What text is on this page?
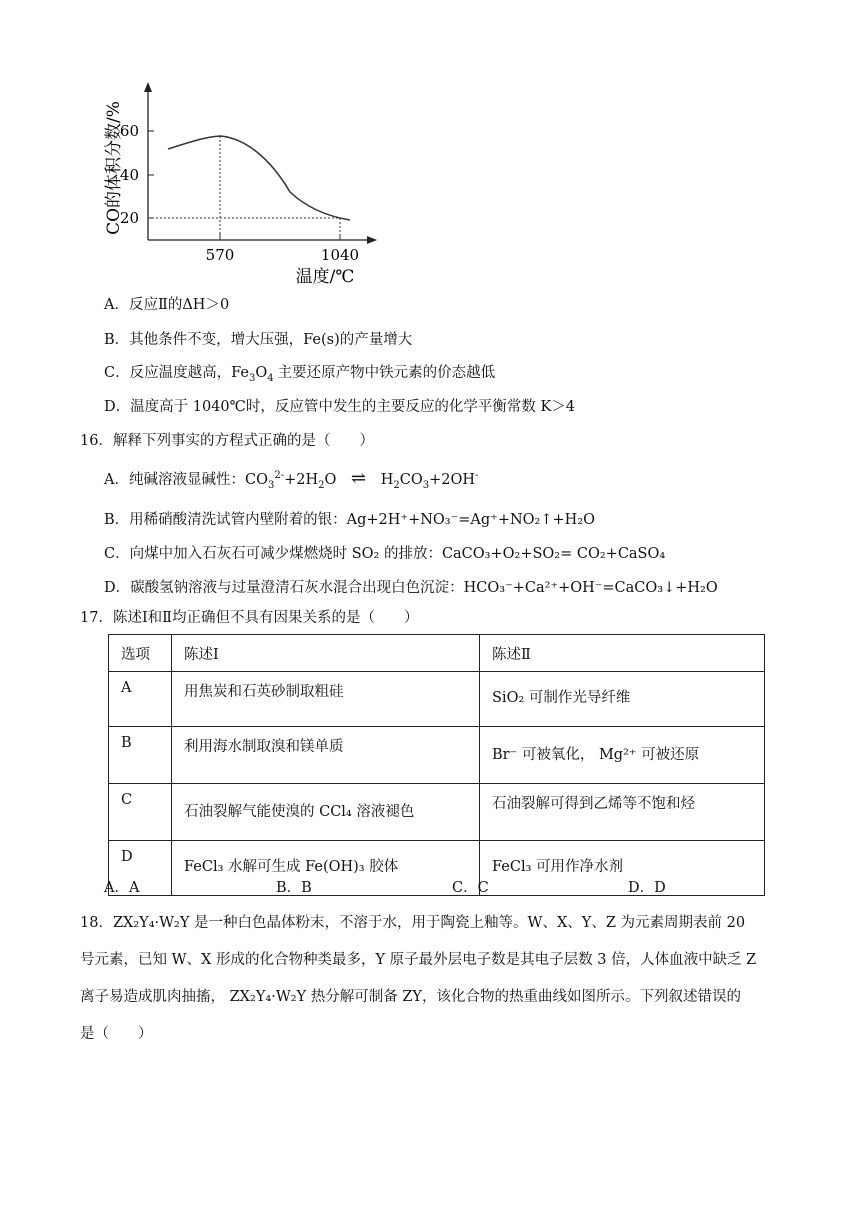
60
40
20
570	1040
温度/℃
CO的体积分数/%
A．反应Ⅱ的ΔH＞0
B．其他条件不变，增大压强，Fe(s)的产量增大
C．反应温度越高，$Fe_3O_4$ 主要还原产物中铁元素的价态越低
D．温度高于 1040℃时，反应管中发生的主要反应的化学平衡常数 K＞4
16．解释下列事实的方程式正确的是（　　）
A．纯碱溶液显碱性：$CO_3^{2-}+2H_2O$ ⇌ $H_2CO_3+2OH^-$
B．用稀硝酸清洗试管内壁附着的银：Ag+2H⁺+NO₃⁻=Ag⁺+NO₂↑+H₂O
C．向煤中加入石灰石可减少煤燃烧时 SO₂ 的排放：CaCO₃+O₂+SO₂= CO₂+CaSO₄
D．碳酸氢钠溶液与过量澄清石灰水混合出现白色沉淀：HCO₃⁻+Ca²⁺+OH⁻=CaCO₃↓+H₂O
17．陈述Ⅰ和Ⅱ均正确但不具有因果关系的是（　　）
选项	陈述Ⅰ	陈述Ⅱ
A	用焦炭和石英砂制取粗硅	SiO₂ 可制作光导纤维
B	利用海水制取溴和镁单质	Br⁻ 可被氧化， Mg²⁺ 可被还原
C	石油裂解气能使溴的 CCl₄ 溶液褪色	石油裂解可得到乙烯等不饱和烃
D	FeCl₃ 水解可生成 Fe(OH)₃ 胶体	FeCl₃ 可用作净水剂
A．A	B．B	C．C	D．D
18．ZX₂Y₄·W₂Y 是一种白色晶体粉末，不溶于水，用于陶瓷上釉等。W、X、Y、Z 为元素周期表前 20
号元素，已知 W、X 形成的化合物种类最多，Y 原子最外层电子数是其电子层数 3 倍，人体血液中缺乏 Z
离子易造成肌肉抽搐， ZX₂Y₄·W₂Y 热分解可制备 ZY，该化合物的热重曲线如图所示。下列叙述错误的
是（　　）
